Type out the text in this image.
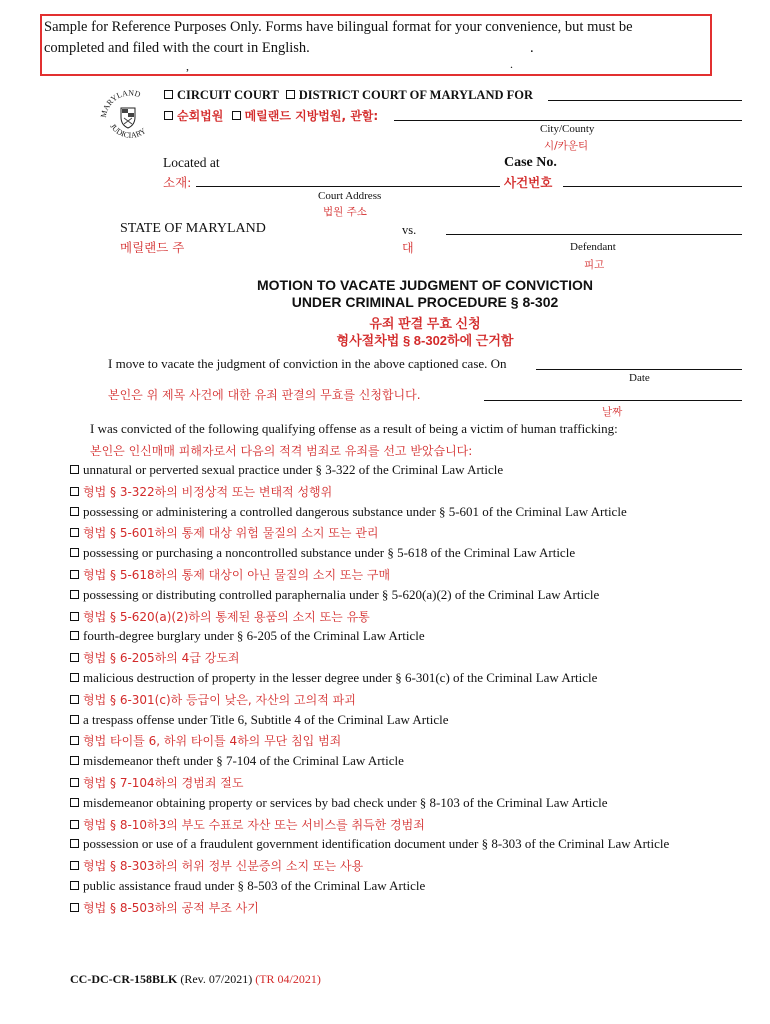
Sample for Reference Purposes Only. Forms have bilingual format for your convenience, but must be
completed and filed with the court in English.	.
,	.
MARYLAND
JUDICIARY
CIRCUIT COURT DISTRICT COURT OF MARYLAND FOR
순회법원 메릴랜드 지방법원, 관할:
City/County
시/카운티
Located at
소재:
Court Address
법원 주소
Case No.
사건번호
STATE OF MARYLAND
메릴랜드 주
vs.
대	Defendant
피고
MOTION TO VACATE JUDGMENT OF CONVICTION
UNDER CRIMINAL PROCEDURE § 8-302
유죄 판결 무효 신청
형사절차법 § 8-302하에 근거함
I move to vacate the judgment of conviction in the above captioned case. On
Date
본인은 위 제목 사건에 대한 유죄 판결의 무효를 신청합니다.
날짜
I was convicted of the following qualifying offense as a result of being a victim of human trafficking:
본인은 인신매매 피해자로서 다음의 적격 범죄로 유죄를 선고 받았습니다:
unnatural or perverted sexual practice under § 3-322 of the Criminal Law Article
형법 § 3-322하의 비정상적 또는 변태적 성행위
possessing or administering a controlled dangerous substance under § 5-601 of the Criminal Law Article
형법 § 5-601하의 통제 대상 위험 물질의 소지 또는 관리
possessing or purchasing a noncontrolled substance under § 5-618 of the Criminal Law Article
형법 § 5-618하의 통제 대상이 아닌 물질의 소지 또는 구매
possessing or distributing controlled paraphernalia under § 5-620(a)(2) of the Criminal Law Article
형법 § 5-620(a)(2)하의 통제된 용품의 소지 또는 유통
fourth-degree burglary under § 6-205 of the Criminal Law Article
형법 § 6-205하의 4급 강도죄
malicious destruction of property in the lesser degree under § 6-301(c) of the Criminal Law Article
형법 § 6-301(c)하 등급이 낮은, 자산의 고의적 파괴
a trespass offense under Title 6, Subtitle 4 of the Criminal Law Article
형법 타이틀 6, 하위 타이틀 4하의 무단 침입 범죄
misdemeanor theft under § 7-104 of the Criminal Law Article
형법 § 7-104하의 경범죄 절도
misdemeanor obtaining property or services by bad check under § 8-103 of the Criminal Law Article
형법 § 8-10하3의 부도 수표로 자산 또는 서비스를 취득한 경범죄
possession or use of a fraudulent government identification document under § 8-303 of the Criminal Law Article
형법 § 8-303하의 허위 정부 신분증의 소지 또는 사용
public assistance fraud under § 8-503 of the Criminal Law Article
형법 § 8-503하의 공적 부조 사기
CC-DC-CR-158BLK (Rev. 07/2021) (TR 04/2021)
